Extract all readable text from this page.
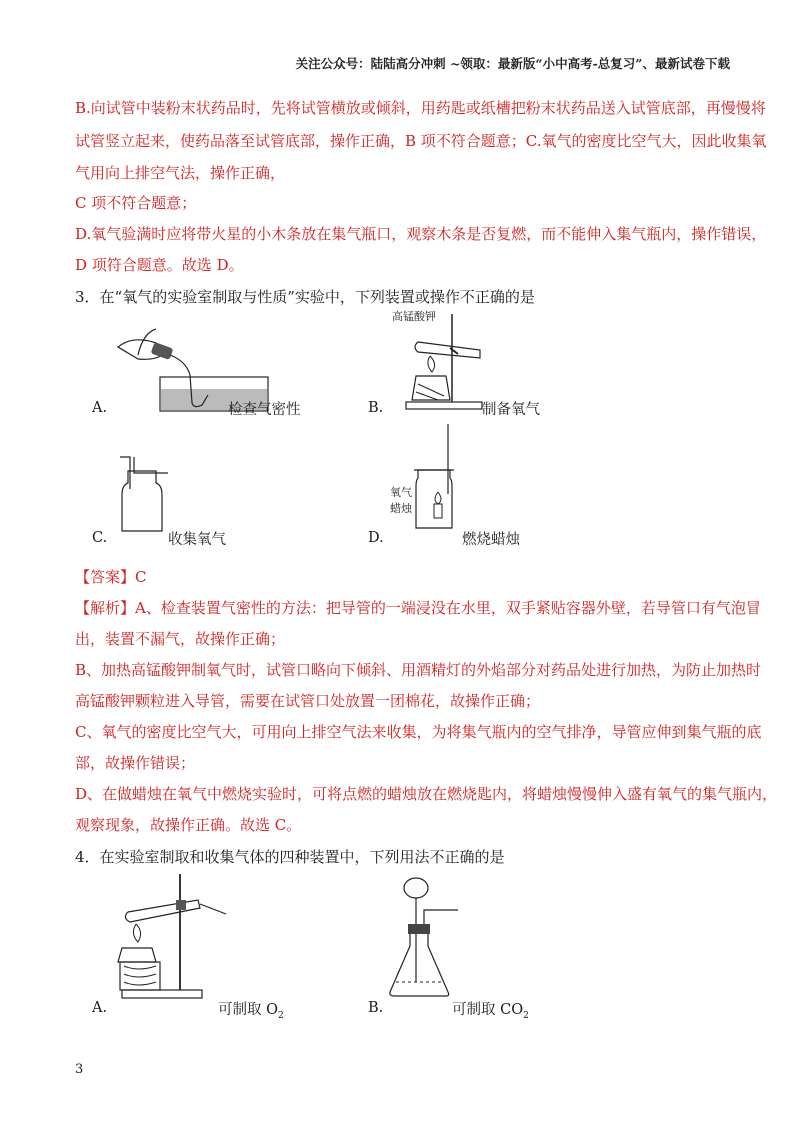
关注公众号：陆陆高分冲刺 ~领取：最新版“小中高考-总复习”、最新试卷下载
B.向试管中装粉末状药品时，先将试管横放或倾斜，用药匙或纸槽把粉末状药品送入试管底部，再慢慢将
试管竖立起来，使药品落至试管底部，操作正确，B 项不符合题意；C.氧气的密度比空气大，因此收集氧
气用向上排空气法，操作正确，
C 项不符合题意；
D.氧气验满时应将带火星的小木条放在集气瓶口，观察木条是否复燃，而不能伸入集气瓶内，操作错误，
D 项符合题意。故选 D。
3．在“氧气的实验室制取与性质”实验中，下列装置或操作不正确的是
A.	检查气密性
高锰酸钾
B.	制备氧气
C.	收集氧气
氧气
蜡烛
D.	燃烧蜡烛
【答案】C
【解析】A、检查装置气密性的方法：把导管的一端浸没在水里，双手紧贴容器外壁，若导管口有气泡冒
出，装置不漏气，故操作正确；
B、加热高锰酸钾制氧气时，试管口略向下倾斜、用酒精灯的外焰部分对药品处进行加热，为防止加热时
高锰酸钾颗粒进入导管，需要在试管口处放置一团棉花，故操作正确；
C、氧气的密度比空气大，可用向上排空气法来收集，为将集气瓶内的空气排净，导管应伸到集气瓶的底
部，故操作错误；
D、在做蜡烛在氧气中燃烧实验时，可将点燃的蜡烛放在燃烧匙内，将蜡烛慢慢伸入盛有氧气的集气瓶内，
观察现象，故操作正确。故选 C。
4．在实验室制取和收集气体的四种装置中，下列用法不正确的是
A.	可制取 $O_2$	B.	可制取 $CO_2$
3
